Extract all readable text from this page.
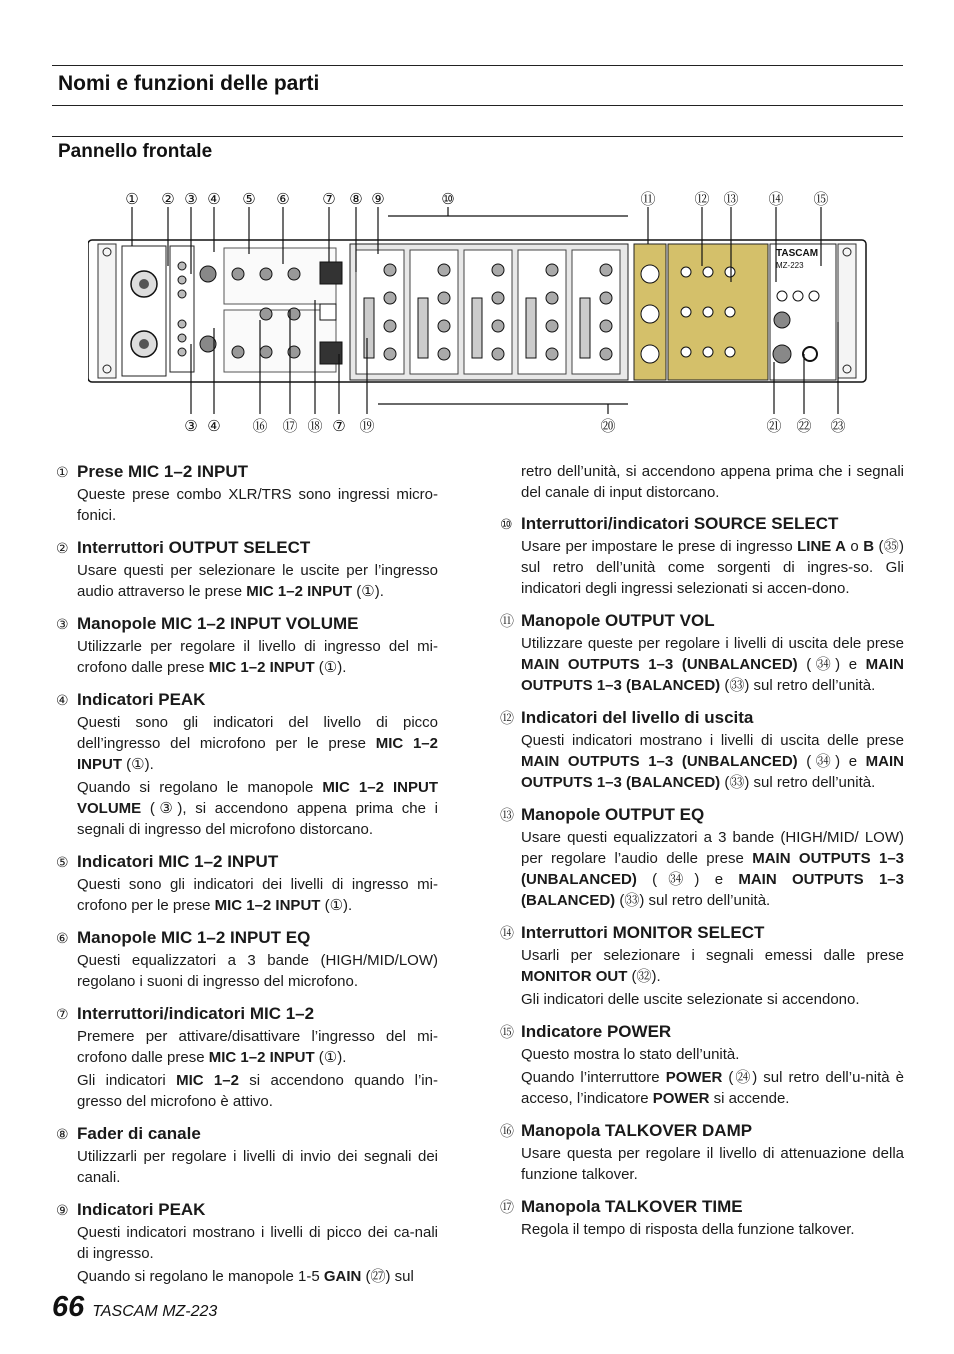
Nomi e funzioni delle parti
Pannello frontale
① ② ③ ④ ⑤ ⑥ ⑦ ⑧ ⑨	⑩	⑪	⑫ ⑬ ⑭ ⑮
③ ④ ⑯ ⑰ ⑱ ⑦ ⑲	⑳	㉑ ㉒ ㉓
TASCAM
MZ-223
① Prese MIC 1–2 INPUT
Queste prese combo XLR/TRS sono ingressi micro-fonici.
② Interruttori OUTPUT SELECT
Usare questi per selezionare le uscite per l’ingresso audio attraverso le prese MIC 1–2 INPUT (①).
③ Manopole MIC 1–2 INPUT VOLUME
Utilizzarle per regolare il livello di ingresso del mi-crofono dalle prese MIC 1–2 INPUT (①).
④ Indicatori PEAK
Questi sono gli indicatori del livello di picco dell’ingresso del microfono per le prese MIC 1–2 INPUT (①).
Quando si regolano le manopole MIC 1–2 INPUT VOLUME (③), si accendono appena prima che i segnali di ingresso del microfono distorcano.
⑤ Indicatori MIC 1–2 INPUT
Questi sono gli indicatori dei livelli di ingresso mi-crofono per le prese MIC 1–2 INPUT (①).
⑥ Manopole MIC 1–2 INPUT EQ
Questi equalizzatori a 3 bande (HIGH/MID/LOW) regolano i suoni di ingresso del microfono.
⑦ Interruttori/indicatori MIC 1–2
Premere per attivare/disattivare l’ingresso del mi-crofono dalle prese MIC 1–2 INPUT (①).
Gli indicatori MIC 1–2 si accendono quando l’in-gresso del microfono è attivo.
⑧ Fader di canale
Utilizzarli per regolare i livelli di invio dei segnali dei canali.
⑨ Indicatori PEAK
Questi indicatori mostrano i livelli di picco dei ca-nali di ingresso.
Quando si regolano le manopole 1-5 GAIN (㉗) sul
retro dell’unità, si accendono appena prima che i segnali del canale di input distorcano.
⑩ Interruttori/indicatori SOURCE SELECT
Usare per impostare le prese di ingresso LINE A o B (㉟) sul retro dell’unità come sorgenti di ingres-so. Gli indicatori degli ingressi selezionati si accen-dono.
⑪ Manopole OUTPUT VOL
Utilizzare queste per regolare i livelli di uscita dele prese MAIN OUTPUTS 1–3 (UNBALANCED) (㉞) e MAIN OUTPUTS 1–3 (BALANCED) (㉝) sul retro dell’unità.
⑫ Indicatori del livello di uscita
Questi indicatori mostrano i livelli di uscita delle prese MAIN OUTPUTS 1–3 (UNBALANCED) (㉞) e MAIN OUTPUTS 1–3 (BALANCED) (㉝) sul retro dell’unità.
⑬ Manopole OUTPUT EQ
Usare questi equalizzatori a 3 bande (HIGH/MID/ LOW) per regolare l’audio delle prese MAIN OUTPUTS 1–3 (UNBALANCED) (㉞) e MAIN OUTPUTS 1–3 (BALANCED) (㉝) sul retro dell’unità.
⑭ Interruttori MONITOR SELECT
Usarli per selezionare i segnali emessi dalle prese MONITOR OUT (㉜).
Gli indicatori delle uscite selezionate si accendono.
⑮ Indicatore POWER
Questo mostra lo stato dell’unità.
Quando l’interruttore POWER (㉔) sul retro dell’u-nità è acceso, l’indicatore POWER si accende.
⑯ Manopola TALKOVER DAMP
Usare questa per regolare il livello di attenuazione della funzione talkover.
⑰ Manopola TALKOVER TIME
Regola il tempo di risposta della funzione talkover.
66 TASCAM MZ-223
